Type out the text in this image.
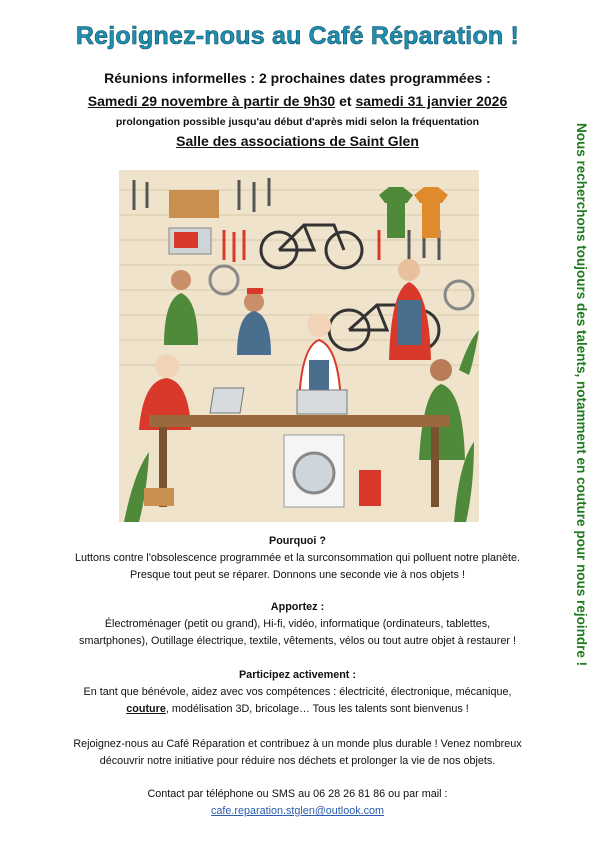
Rejoignez-nous au Café Réparation !
Réunions informelles : 2 prochaines dates programmées :
Samedi 29 novembre à partir de 9h30 et samedi 31 janvier 2026
prolongation possible jusqu'au début d'après midi selon la fréquentation
Salle des associations de Saint Glen	Nous recherchons toujours des talents, notamment en couture pour nous rejoindre !
Pourquoi ?
Luttons contre l'obsolescence programmée et la surconsommation qui polluent notre planète.
Presque tout peut se réparer. Donnons une seconde vie à nos objets !
Apportez :
Électroménager (petit ou grand), Hi-fi, vidéo, informatique (ordinateurs, tablettes,
smartphones), Outillage électrique, textile, vêtements, vélos ou tout autre objet à restaurer !
Participez activement :
En tant que bénévole, aidez avec vos compétences : électricité, électronique, mécanique,
couture, modélisation 3D, bricolage… Tous les talents sont bienvenus !
Rejoignez-nous au Café Réparation et contribuez à un monde plus durable ! Venez nombreux
découvrir notre initiative pour réduire nos déchets et prolonger la vie de nos objets.
Contact par téléphone ou SMS au 06 28 26 81 86 ou par mail :
cafe.reparation.stglen@outlook.com
